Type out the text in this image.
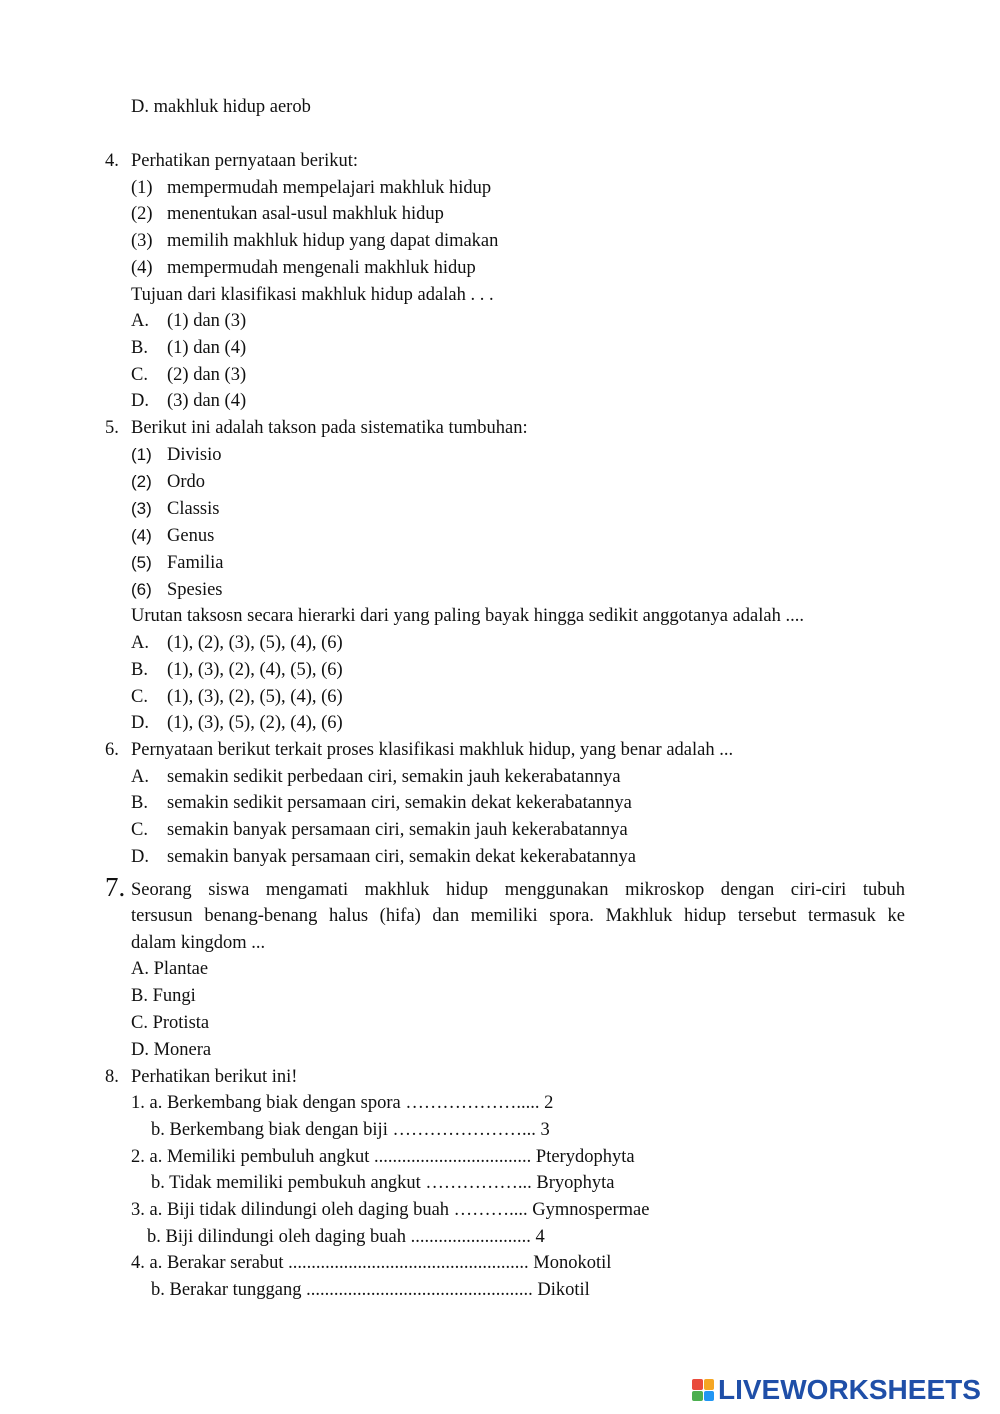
D. makhluk hidup aerob
4. Perhatikan pernyataan berikut:
(1) mempermudah mempelajari makhluk hidup
(2) menentukan asal-usul makhluk hidup
(3) memilih makhluk hidup yang dapat dimakan
(4) mempermudah mengenali makhluk hidup
Tujuan dari klasifikasi makhluk hidup adalah . . .
A. (1) dan (3)
B. (1) dan (4)
C. (2) dan (3)
D. (3) dan (4)
5. Berikut ini adalah takson pada sistematika tumbuhan:
(1) Divisio
(2) Ordo
(3) Classis
(4) Genus
(5) Familia
(6) Spesies
Urutan taksosn secara hierarki dari yang paling bayak hingga sedikit anggotanya adalah ....
A. (1), (2), (3), (5), (4), (6)
B. (1), (3), (2), (4), (5), (6)
C. (1), (3), (2), (5), (4), (6)
D. (1), (3), (5), (2), (4), (6)
6. Pernyataan berikut terkait proses klasifikasi makhluk hidup, yang benar adalah ...
A. semakin sedikit perbedaan ciri, semakin jauh kekerabatannya
B. semakin sedikit persamaan ciri, semakin dekat kekerabatannya
C. semakin banyak persamaan ciri, semakin jauh kekerabatannya
D. semakin banyak persamaan ciri, semakin dekat kekerabatannya
7. Seorang siswa mengamati makhluk hidup menggunakan mikroskop dengan ciri-ciri tubuh
tersusun benang-benang halus (hifa) dan memiliki spora. Makhluk hidup tersebut termasuk ke
dalam kingdom ...
A. Plantae
B. Fungi
C. Protista
D. Monera
8. Perhatikan berikut ini!
1. a. Berkembang biak dengan spora ………………..... 2
b. Berkembang biak dengan biji …………………... 3
2. a. Memiliki pembuluh angkut .................................. Pterydophyta
b. Tidak memiliki pembukuh angkut ……………... Bryophyta
3. a. Biji tidak dilindungi oleh daging buah ……….... Gymnospermae
b. Biji dilindungi oleh daging buah .......................... 4
4. a. Berakar serabut .................................................... Monokotil
b. Berakar tunggang ................................................. Dikotil
LIVEWORKSHEETS
